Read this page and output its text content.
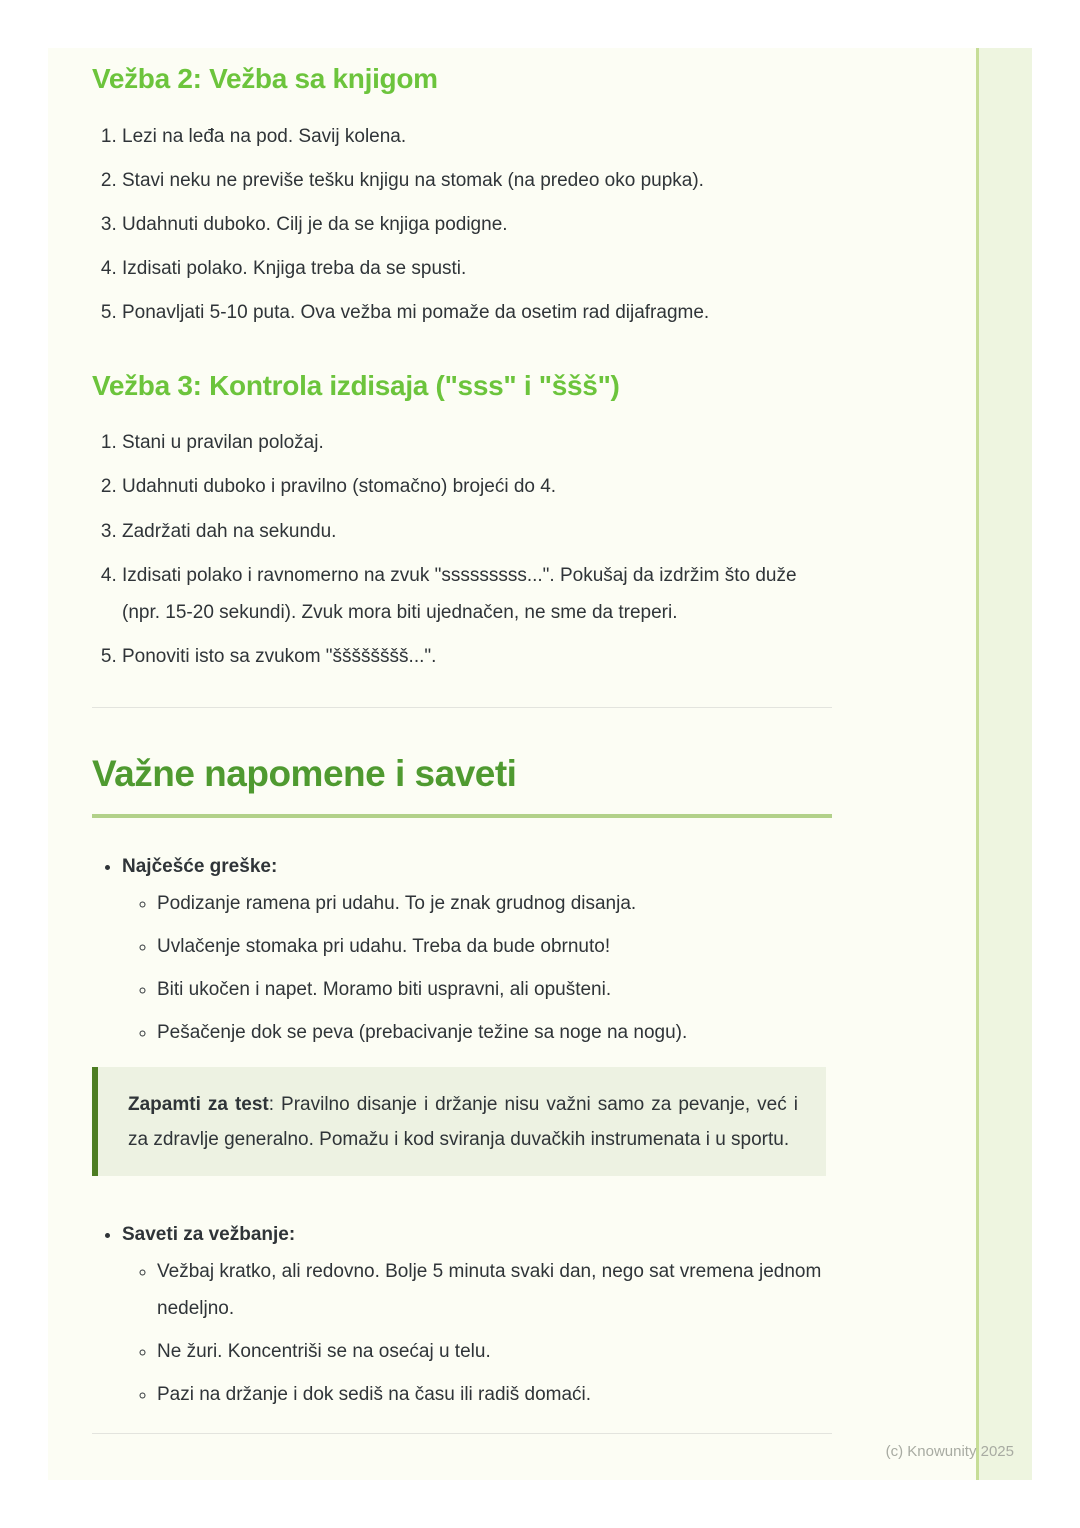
Vežba 2: Vežba sa knjigom
1. Lezi na leđa na pod. Savij kolena.
2. Stavi neku ne previše tešku knjigu na stomak (na predeo oko pupka).
3. Udahnuti duboko. Cilj je da se knjiga podigne.
4. Izdisati polako. Knjiga treba da se spusti.
5. Ponavljati 5-10 puta. Ova vežba mi pomaže da osetim rad dijafragme.
Vežba 3: Kontrola izdisaja ("sss" i "ššš")
1. Stani u pravilan položaj.
2. Udahnuti duboko i pravilno (stomačno) brojeći do 4.
3. Zadržati dah na sekundu.
4. Izdisati polako i ravnomerno na zvuk "sssssssss...". Pokušaj da izdržim što duže (npr. 15-20 sekundi). Zvuk mora biti ujednačen, ne sme da treperi.
5. Ponoviti isto sa zvukom "šššššššš...".
Važne napomene i saveti
• Najčešće greške:
◦ Podizanje ramena pri udahu. To je znak grudnog disanja.
◦ Uvlačenje stomaka pri udahu. Treba da bude obrnuto!
◦ Biti ukočen i napet. Moramo biti uspravni, ali opušteni.
◦ Pešačenje dok se peva (prebacivanje težine sa noge na nogu).

Zapamti za test: Pravilno disanje i držanje nisu važni samo za pevanje, već i za zdravlje generalno. Pomažu i kod sviranja duvačkih instrumenata i u sportu.

• Saveti za vežbanje:
◦ Vežbaj kratko, ali redovno. Bolje 5 minuta svaki dan, nego sat vremena jednom nedeljno.
◦ Ne žuri. Koncentriši se na osećaj u telu.
◦ Pazi na držanje i dok sediš na času ili radiš domaći.
(c) Knowunity 2025
